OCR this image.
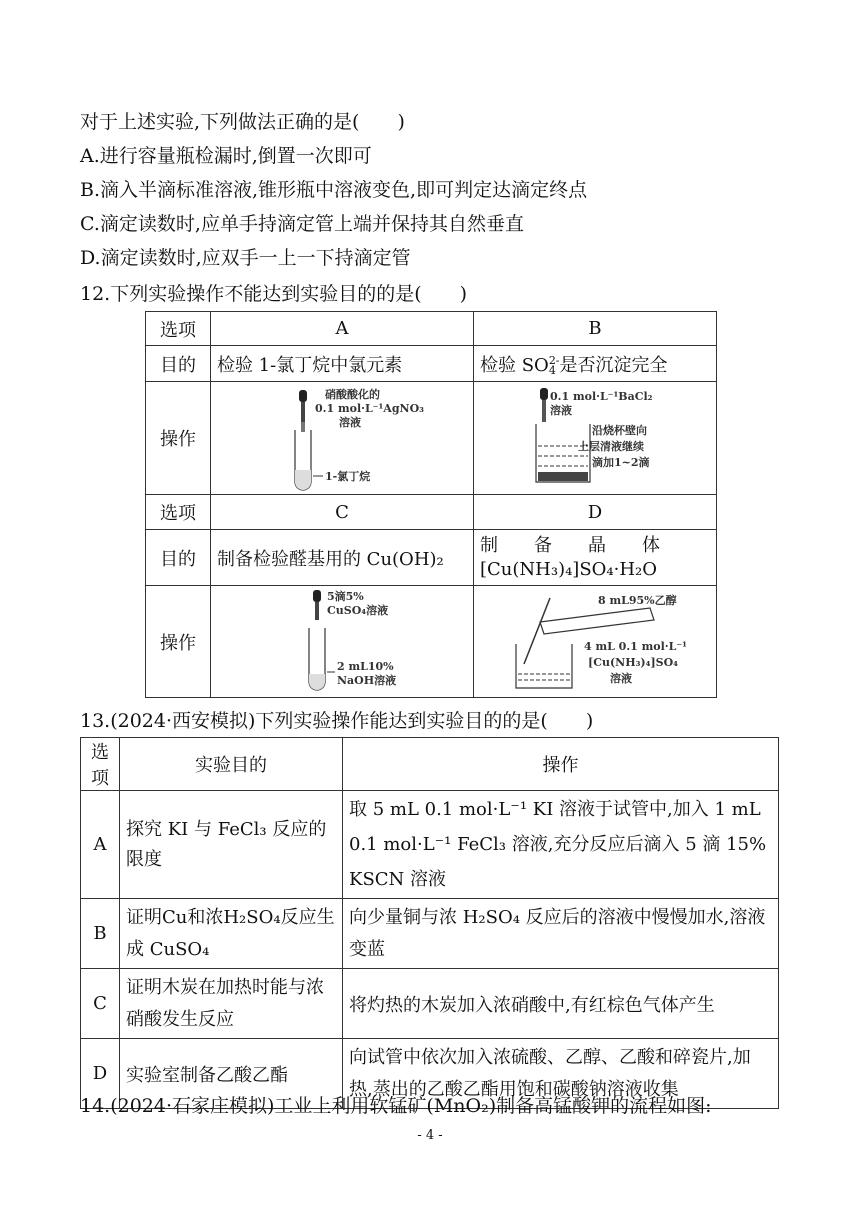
对于上述实验,下列做法正确的是(　　)
A.进行容量瓶检漏时,倒置一次即可
B.滴入半滴标准溶液,锥形瓶中溶液变色,即可判定达滴定终点
C.滴定读数时,应单手持滴定管上端并保持其自然垂直
D.滴定读数时,应双手一上一下持滴定管
12.下列实验操作不能达到实验目的的是(　　)
选项	A	B
目的	检验 1-氯丁烷中氯元素	检验 SO 2-
4 是否沉淀完全
操作	硝酸酸化的
0.1 mol·L⁻¹AgNO₃
溶液
1-氯丁烷	0.1 mol·L⁻¹BaCl₂
溶液
沿烧杯壁向
上层清液继续
滴加1~2滴

选项	C	D
目的	制备检验醛基用的 Cu(OH)₂	制　　备　　晶　　体
[Cu(NH₃)₄]SO₄·H₂O

操作	5滴5%
CuSO₄溶液
2 mL10%
NaOH溶液	8 mL95%乙醇
4 mL 0.1 mol·L⁻¹
[Cu(NH₃)₄]SO₄
溶液
13.(2024·西安模拟)下列实验操作能达到实验目的的是(　　)
选项	实验目的	操作
A	探究 KI 与 FeCl₃ 反应的限度	取 5 mL 0.1 mol·L⁻¹ KI 溶液于试管中,加入 1 mL 0.1 mol·L⁻¹ FeCl₃ 溶液,充分反应后滴入 5 滴 15% KSCN 溶液
B	证明Cu和浓H₂SO₄反应生成 CuSO₄	向少量铜与浓 H₂SO₄ 反应后的溶液中慢慢加水,溶液变蓝
C	证明木炭在加热时能与浓硝酸发生反应	将灼热的木炭加入浓硝酸中,有红棕色气体产生
D	实验室制备乙酸乙酯	向试管中依次加入浓硫酸、乙醇、乙酸和碎瓷片,加热,蒸出的乙酸乙酯用饱和碳酸钠溶液收集
14.(2024·石家庄模拟)工业上利用软锰矿(MnO₂)制备高锰酸钾的流程如图:
- 4 -
